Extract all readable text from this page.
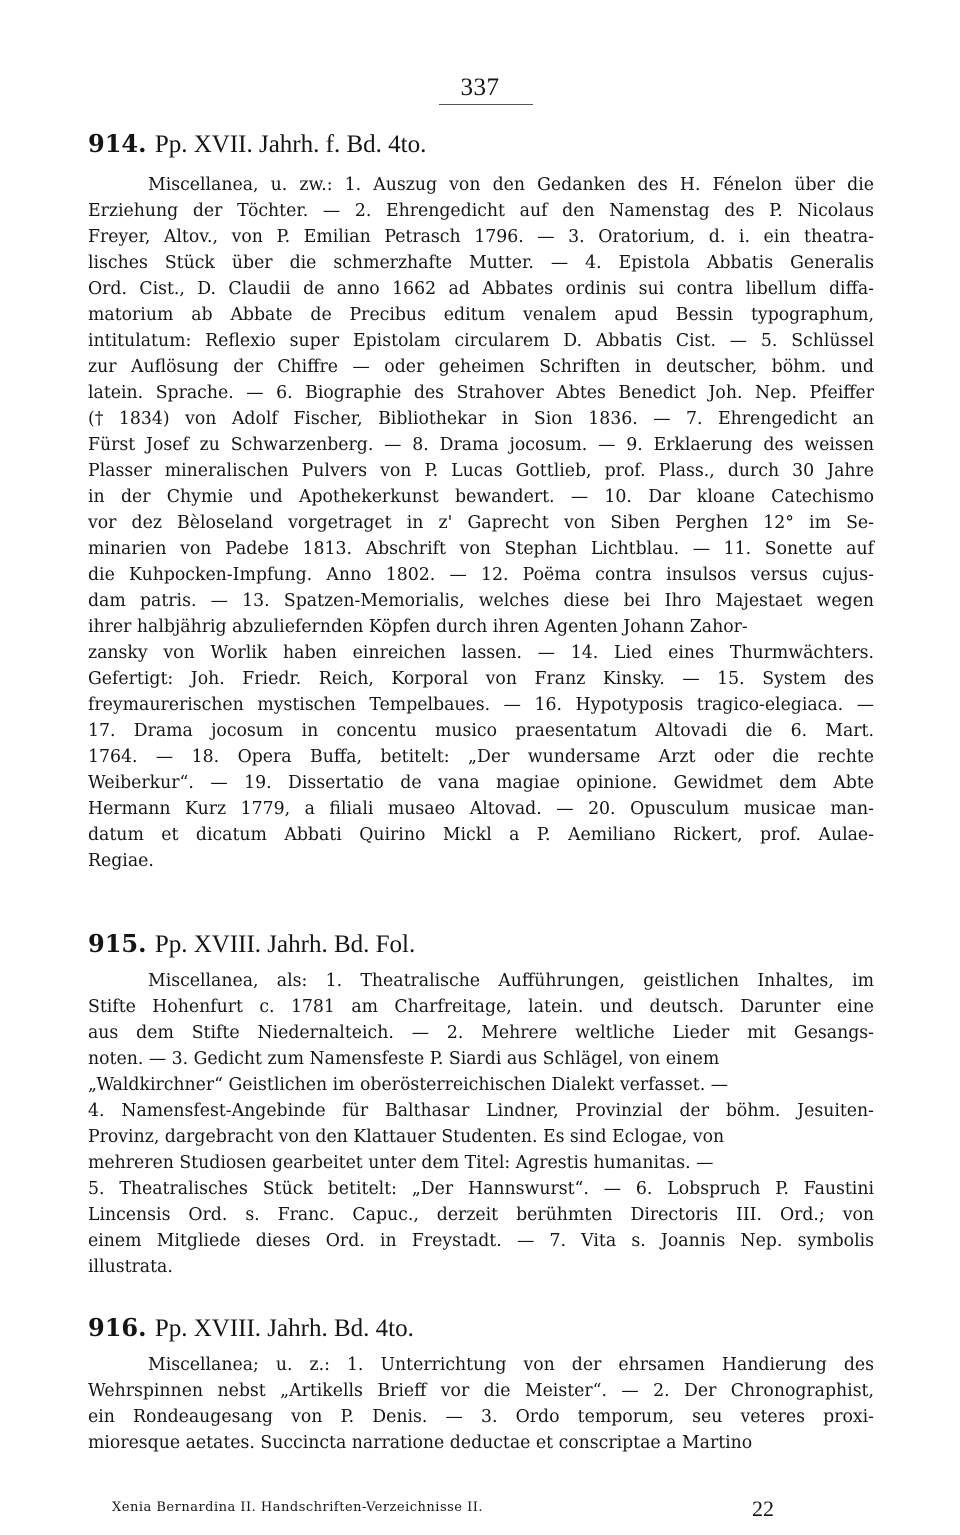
337
914. Pp. XVII. Jahrh. f. Bd. 4to.
Miscellanea, u. zw.: 1. Auszug von den Gedanken des H. Fénelon über die
Erziehung der Töchter. — 2. Ehrengedicht auf den Namenstag des P. Nicolaus
Freyer, Altov., von P. Emilian Petrasch 1796. — 3. Oratorium, d. i. ein theatra-
lisches Stück über die schmerzhafte Mutter. — 4. Epistola Abbatis Generalis
Ord. Cist., D. Claudii de anno 1662 ad Abbates ordinis sui contra libellum diffa-
matorium ab Abbate de Precibus editum venalem apud Bessin typographum,
intitulatum: Reflexio super Epistolam circularem D. Abbatis Cist. — 5. Schlüssel
zur Auflösung der Chiffre — oder geheimen Schriften in deutscher, böhm. und
latein. Sprache. — 6. Biographie des Strahover Abtes Benedict Joh. Nep. Pfeiffer
(† 1834) von Adolf Fischer, Bibliothekar in Sion 1836. — 7. Ehrengedicht an
Fürst Josef zu Schwarzenberg. — 8. Drama jocosum. — 9. Erklaerung des weissen
Plasser mineralischen Pulvers von P. Lucas Gottlieb, prof. Plass., durch 30 Jahre
in der Chymie und Apothekerkunst bewandert. — 10. Dar kloane Catechismo
vor dez Bèloseland vorgetraget in z' Gaprecht von Siben Perghen 12° im Se-
minarien von Padebe 1813. Abschrift von Stephan Lichtblau. — 11. Sonette auf
die Kuhpocken-Impfung. Anno 1802. — 12. Poëma contra insulsos versus cujus-
dam patris. — 13. Spatzen-Memorialis, welches diese bei Ihro Majestaet wegen
ihrer halbjährig abzuliefernden Köpfen durch ihren Agenten Johann Zahor-
zansky von Worlik haben einreichen lassen. — 14. Lied eines Thurmwächters.
Gefertigt: Joh. Friedr. Reich, Korporal von Franz Kinsky. — 15. System des
freymaurerischen mystischen Tempelbaues. — 16. Hypotyposis tragico-elegiaca. —
17. Drama jocosum in concentu musico praesentatum Altovadi die 6. Mart.
1764. — 18. Opera Buffa, betitelt: „Der wundersame Arzt oder die rechte
Weiberkur“. — 19. Dissertatio de vana magiae opinione. Gewidmet dem Abte
Hermann Kurz 1779, a filiali musaeo Altovad. — 20. Opusculum musicae man-
datum et dicatum Abbati Quirino Mickl a P. Aemiliano Rickert, prof. Aulae-
Regiae.
915. Pp. XVIII. Jahrh. Bd. Fol.
Miscellanea, als: 1. Theatralische Aufführungen, geistlichen Inhaltes, im
Stifte Hohenfurt c. 1781 am Charfreitage, latein. und deutsch. Darunter eine
aus dem Stifte Niedernalteich. — 2. Mehrere weltliche Lieder mit Gesangs-
noten. — 3. Gedicht zum Namensfeste P. Siardi aus Schlägel, von einem
„Waldkirchner“ Geistlichen im oberösterreichischen Dialekt verfasset. —
4. Namensfest-Angebinde für Balthasar Lindner, Provinzial der böhm. Jesuiten-
Provinz, dargebracht von den Klattauer Studenten. Es sind Eclogae, von
mehreren Studiosen gearbeitet unter dem Titel: Agrestis humanitas. —
5. Theatralisches Stück betitelt: „Der Hannswurst“. — 6. Lobspruch P. Faustini
Lincensis Ord. s. Franc. Capuc., derzeit berühmten Directoris III. Ord.; von
einem Mitgliede dieses Ord. in Freystadt. — 7. Vita s. Joannis Nep. symbolis
illustrata.
916. Pp. XVIII. Jahrh. Bd. 4to.
Miscellanea; u. z.: 1. Unterrichtung von der ehrsamen Handierung des
Wehrspinnen nebst „Artikells Brieff vor die Meister“. — 2. Der Chronographist,
ein Rondeaugesang von P. Denis. — 3. Ordo temporum, seu veteres proxi-
mioresque aetates. Succincta narratione deductae et conscriptae a Martino
Xenia Bernardina II. Handschriften-Verzeichnisse II.	22
